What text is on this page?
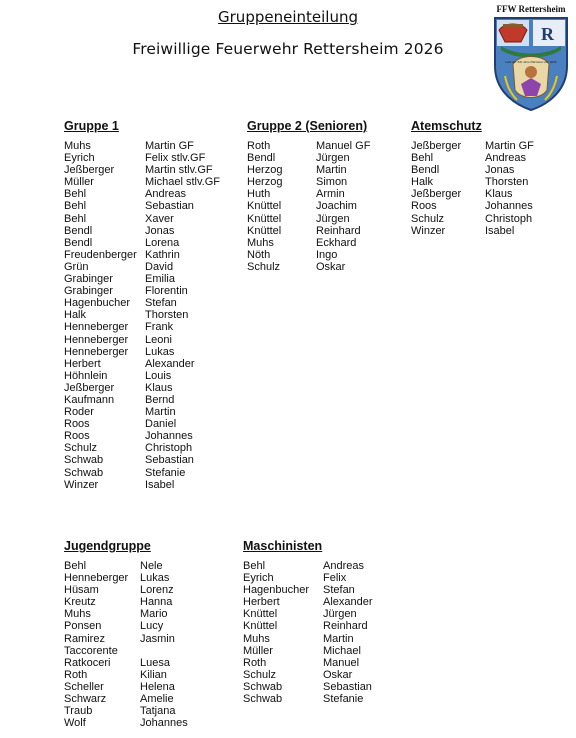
Gruppeneinteilung
Freiwillige Feuerwehr Rettersheim 2026
FFW Rettersheim
R
Gott zur Ehr dem Nächsten zur Wehr
Gruppe 1
Muhs	Martin GF
Eyrich	Felix stlv.GF
Jeßberger	Martin stlv.GF
Müller	Michael stlv.GF
Behl	Andreas
Behl	Sebastian
Behl	Xaver
Bendl	Jonas
Bendl	Lorena
Freudenberger Kathrin
Grün	David
Grabinger	Emilia
Grabinger	Florentin
Hagenbucher	Stefan
Halk	Thorsten
Henneberger	Frank
Henneberger	Leoni
Henneberger	Lukas
Herbert	Alexander
Höhnlein	Louis
Jeßberger	Klaus
Kaufmann	Bernd
Roder	Martin
Roos	Daniel
Roos	Johannes
Schulz	Christoph
Schwab	Sebastian
Schwab	Stefanie
Winzer	Isabel
Gruppe 2 (Senioren)
Roth	Manuel GF
Bendl	Jürgen
Herzog	Martin
Herzog	Simon
Huth	Armin
Knüttel	Joachim
Knüttel	Jürgen
Knüttel	Reinhard
Muhs	Eckhard
Nöth	Ingo
Schulz	Oskar
Atemschutz
Jeßberger	Martin GF
Behl	Andreas
Bendl	Jonas
Halk	Thorsten
Jeßberger	Klaus
Roos	Johannes
Schulz	Christoph
Winzer	Isabel
Jugendgruppe
Behl	Nele
Henneberger	Lukas
Hüsam	Lorenz
Kreutz	Hanna
Muhs	Mario
Ponsen	Lucy
Ramirez	Jasmin
Taccorente
Ratkoceri	Luesa
Roth	Kilian
Scheller	Helena
Schwarz	Amelie
Traub	Tatjana
Wolf	Johannes
Maschinisten
Behl	Andreas
Eyrich	Felix
Hagenbucher	Stefan
Herbert	Alexander
Knüttel	Jürgen
Knüttel	Reinhard
Muhs	Martin
Müller	Michael
Roth	Manuel
Schulz	Oskar
Schwab	Sebastian
Schwab	Stefanie
